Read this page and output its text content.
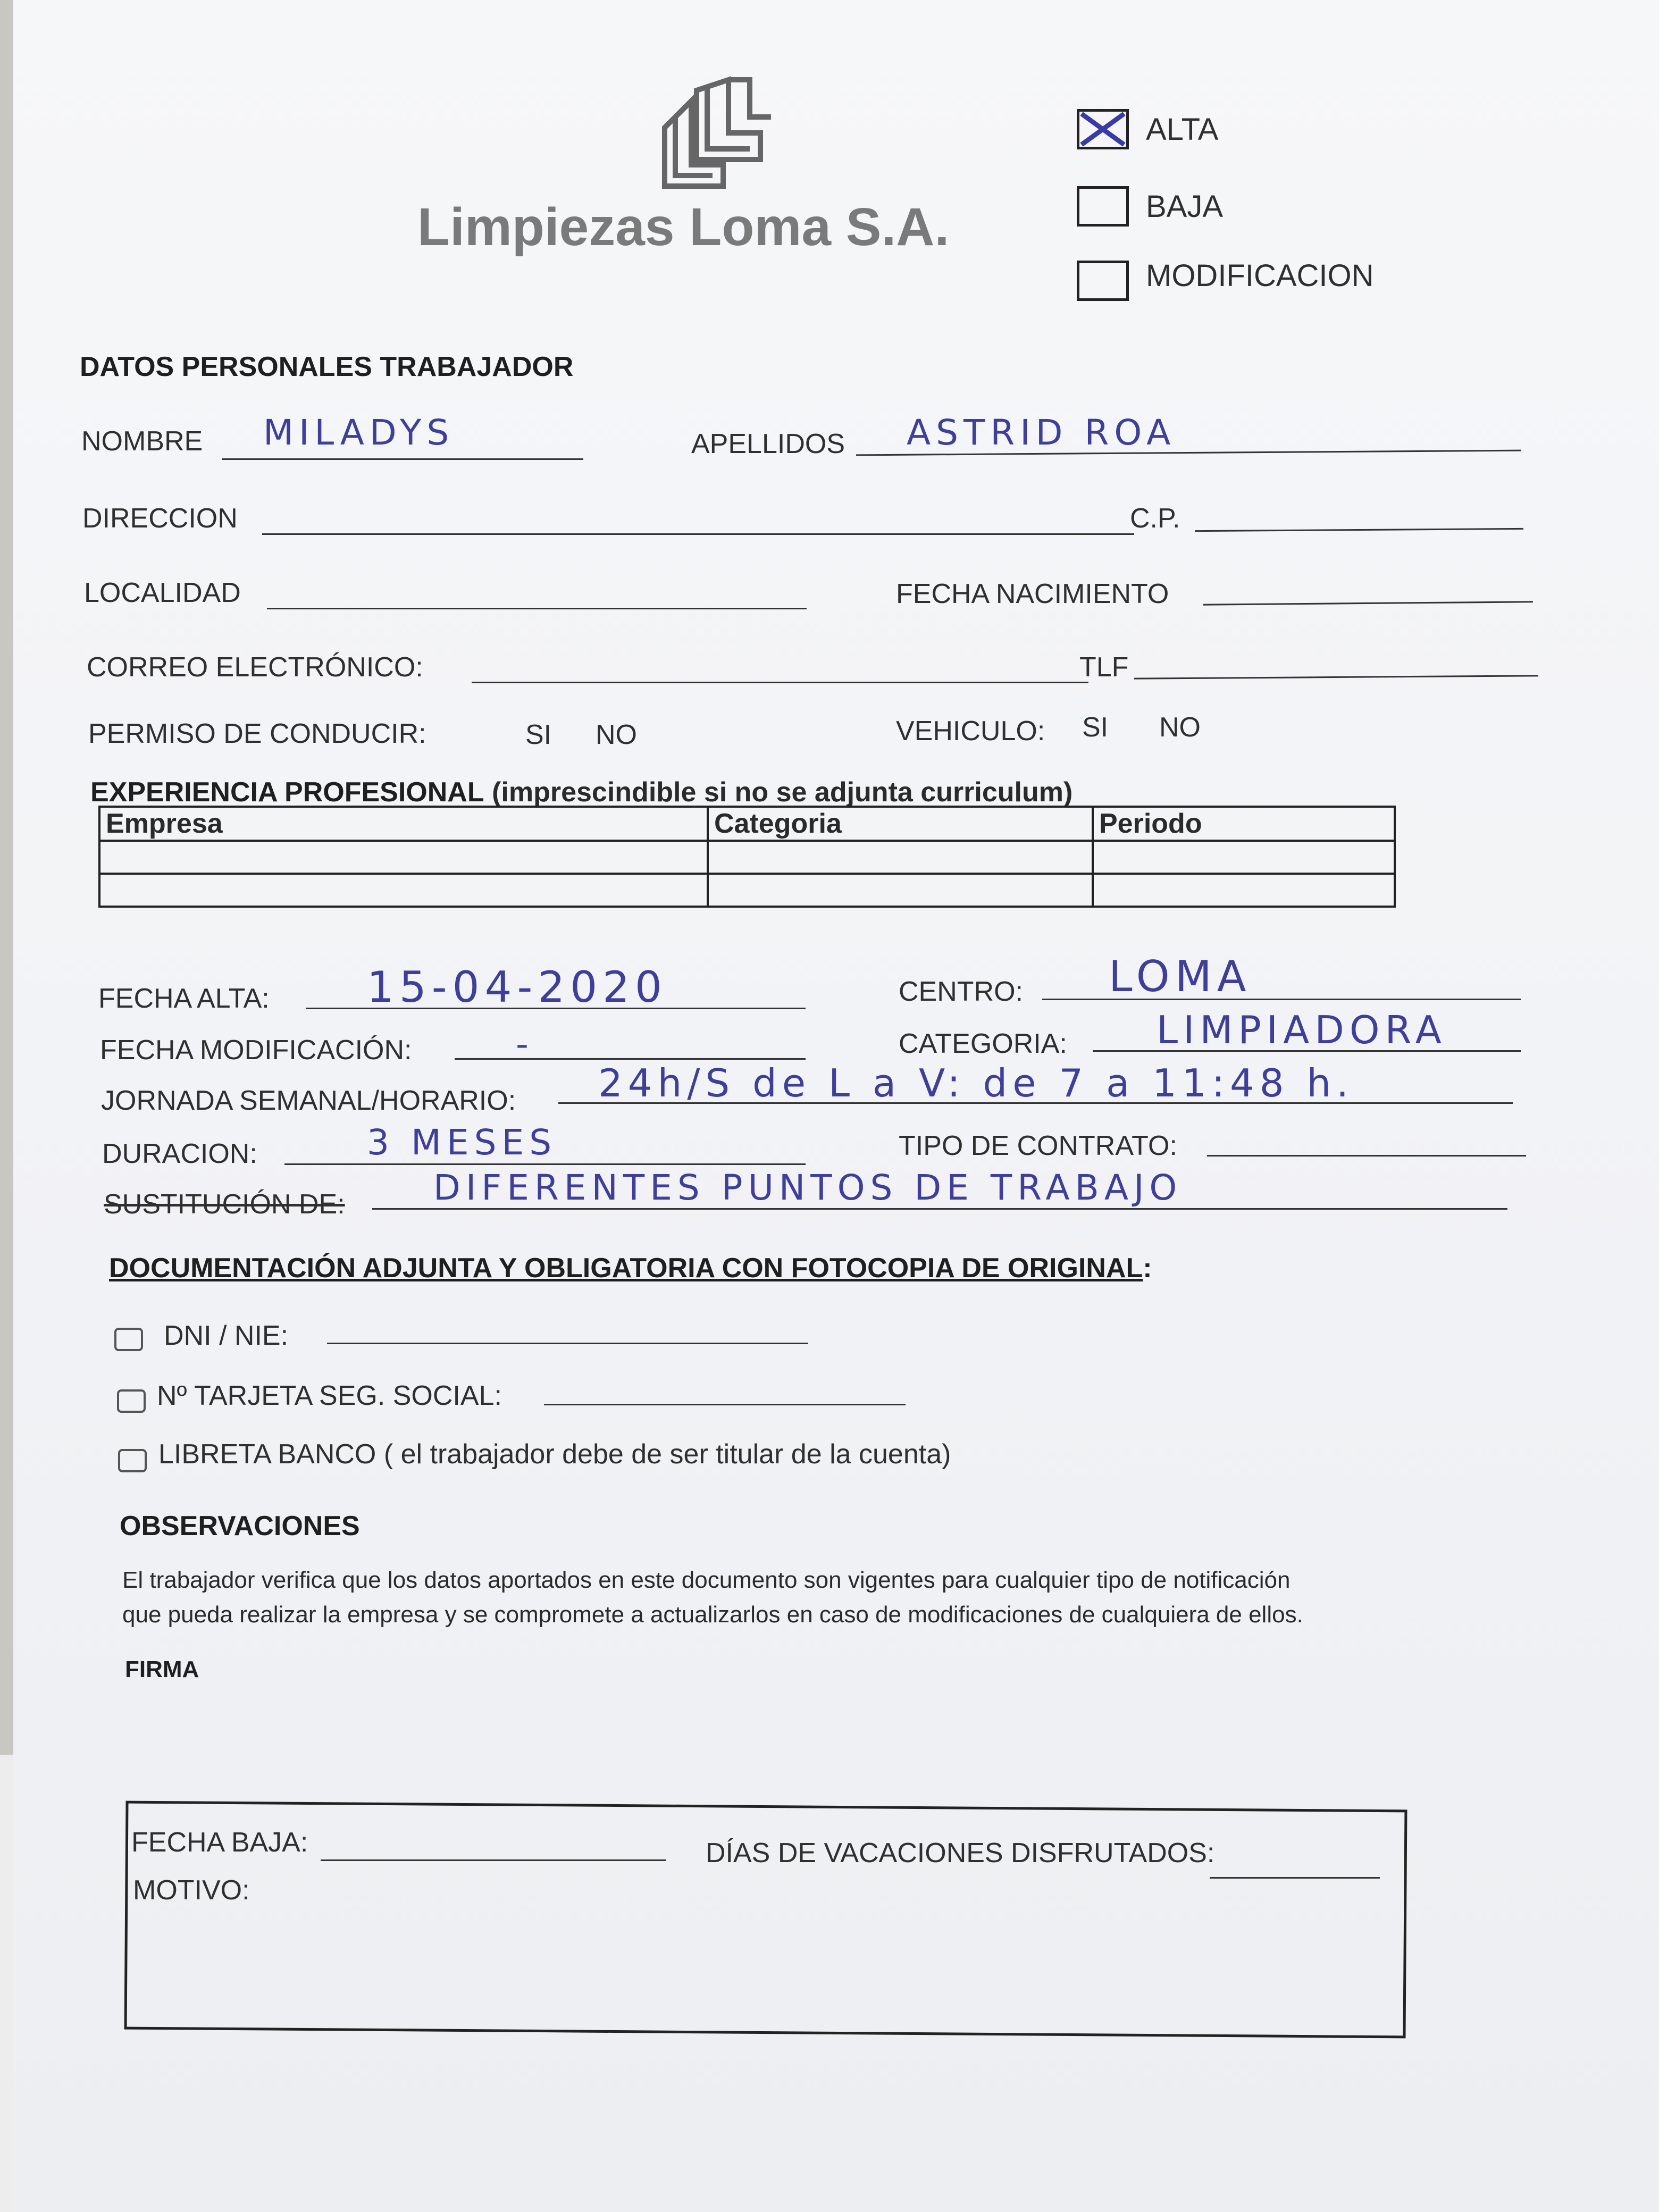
Limpiezas Loma S.A.
ALTA
BAJA
MODIFICACION
DATOS PERSONALES TRABAJADOR
NOMBRE MILADYS	APELLIDOS ASTRID ROA
DIRECCION	C.P.
LOCALIDAD	FECHA NACIMIENTO
CORREO ELECTRÓNICO:	TLF
PERMISO DE CONDUCIR:	SI NO	VEHICULO: SI NO
EXPERIENCIA PROFESIONAL (imprescindible si no se adjunta curriculum)
Empresa	Categoria	Periodo

FECHA ALTA: 15-04-2020	CENTRO: LOMA
FECHA MODIFICACIÓN:	-	CATEGORIA: LIMPIADORA
JORNADA SEMANAL/HORARIO: 24h/S de L a V: de 7 a 11:48 h.
DURACION:	3 MESES	TIPO DE CONTRATO:
SUSTITUCIÓN DE:	DIFERENTES PUNTOS DE TRABAJO
DOCUMENTACIÓN ADJUNTA Y OBLIGATORIA CON FOTOCOPIA DE ORIGINAL:
DNI / NIE:
Nº TARJETA SEG. SOCIAL:
LIBRETA BANCO ( el trabajador debe de ser titular de la cuenta)
OBSERVACIONES
El trabajador verifica que los datos aportados en este documento son vigentes para cualquier tipo de notificación
que pueda realizar la empresa y se compromete a actualizarlos en caso de modificaciones de cualquiera de ellos.
FIRMA
FECHA BAJA:	DÍAS DE VACACIONES DISFRUTADOS:
MOTIVO:
